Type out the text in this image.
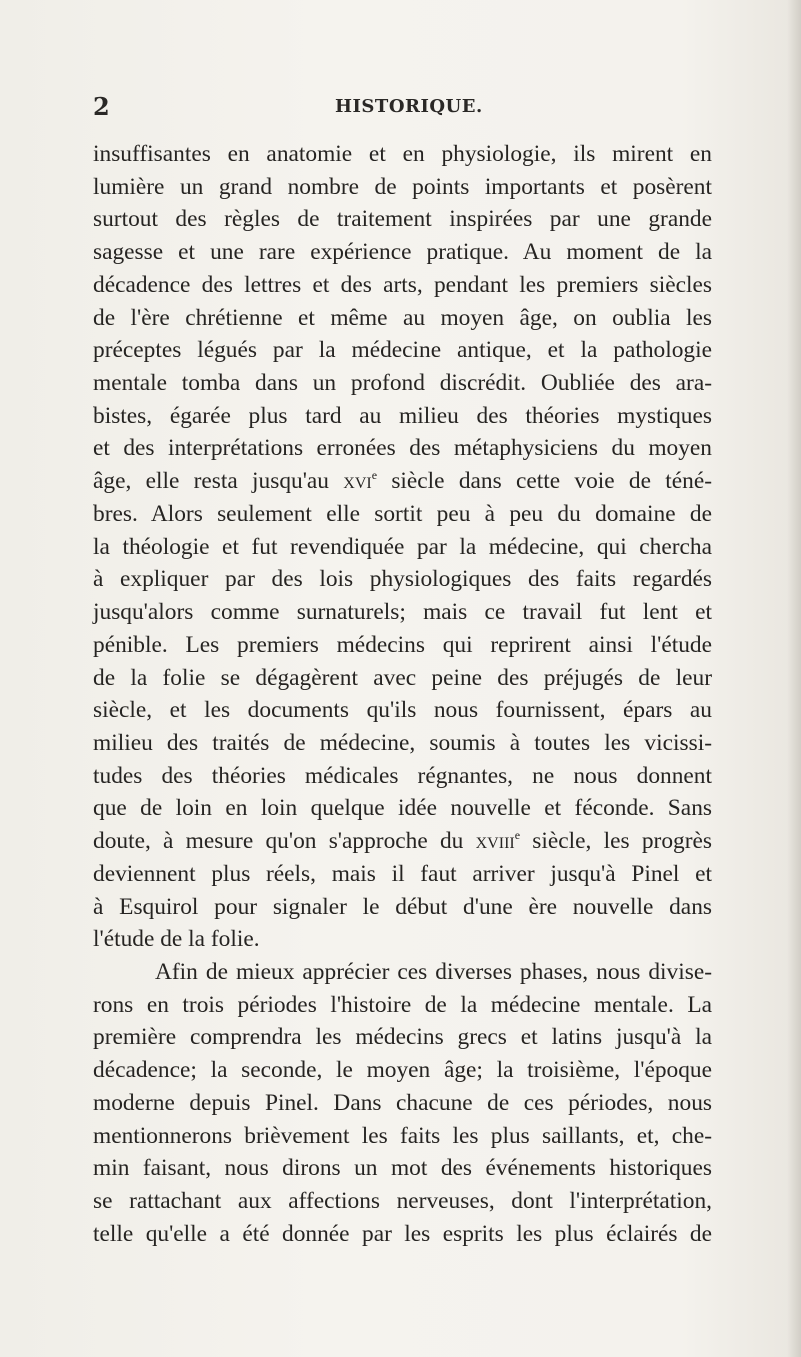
2	HISTORIQUE.
insuffisantes en anatomie et en physiologie, ils mirent en
lumière un grand nombre de points importants et posèrent
surtout des règles de traitement inspirées par une grande
sagesse et une rare expérience pratique. Au moment de la
décadence des lettres et des arts, pendant les premiers siècles
de l'ère chrétienne et même au moyen âge, on oublia les
préceptes légués par la médecine antique, et la pathologie
mentale tomba dans un profond discrédit. Oubliée des ara-
bistes, égarée plus tard au milieu des théories mystiques
et des interprétations erronées des métaphysiciens du moyen
âge, elle resta jusqu'au xvi$^e$ siècle dans cette voie de téné-
bres. Alors seulement elle sortit peu à peu du domaine de
la théologie et fut revendiquée par la médecine, qui chercha
à expliquer par des lois physiologiques des faits regardés
jusqu'alors comme surnaturels; mais ce travail fut lent et
pénible. Les premiers médecins qui reprirent ainsi l'étude
de la folie se dégagèrent avec peine des préjugés de leur
siècle, et les documents qu'ils nous fournissent, épars au
milieu des traités de médecine, soumis à toutes les vicissi-
tudes des théories médicales régnantes, ne nous donnent
que de loin en loin quelque idée nouvelle et féconde. Sans
doute, à mesure qu'on s'approche du xviii$^e$ siècle, les progrès
deviennent plus réels, mais il faut arriver jusqu'à Pinel et
à Esquirol pour signaler le début d'une ère nouvelle dans
l'étude de la folie.
Afin de mieux apprécier ces diverses phases, nous divise-
rons en trois périodes l'histoire de la médecine mentale. La
première comprendra les médecins grecs et latins jusqu'à la
décadence; la seconde, le moyen âge; la troisième, l'époque
moderne depuis Pinel. Dans chacune de ces périodes, nous
mentionnerons brièvement les faits les plus saillants, et, che-
min faisant, nous dirons un mot des événements historiques
se rattachant aux affections nerveuses, dont l'interprétation,
telle qu'elle a été donnée par les esprits les plus éclairés de
